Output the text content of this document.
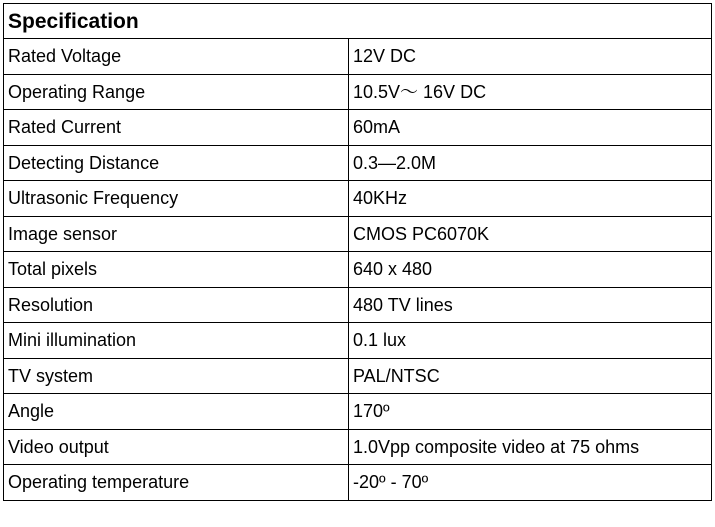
Specification	
Rated Voltage	12V DC
Operating Range	10.5V～ 16V DC
Rated Current	60mA
Detecting Distance	0.3—2.0M
Ultrasonic Frequency	40KHz
Image sensor	CMOS PC6070K
Total pixels	640 x 480
Resolution	480 TV lines
Mini illumination	0.1 lux
TV system	PAL/NTSC
Angle	170º
Video output	1.0Vpp composite video at 75 ohms
Operating temperature	-20º - 70º
